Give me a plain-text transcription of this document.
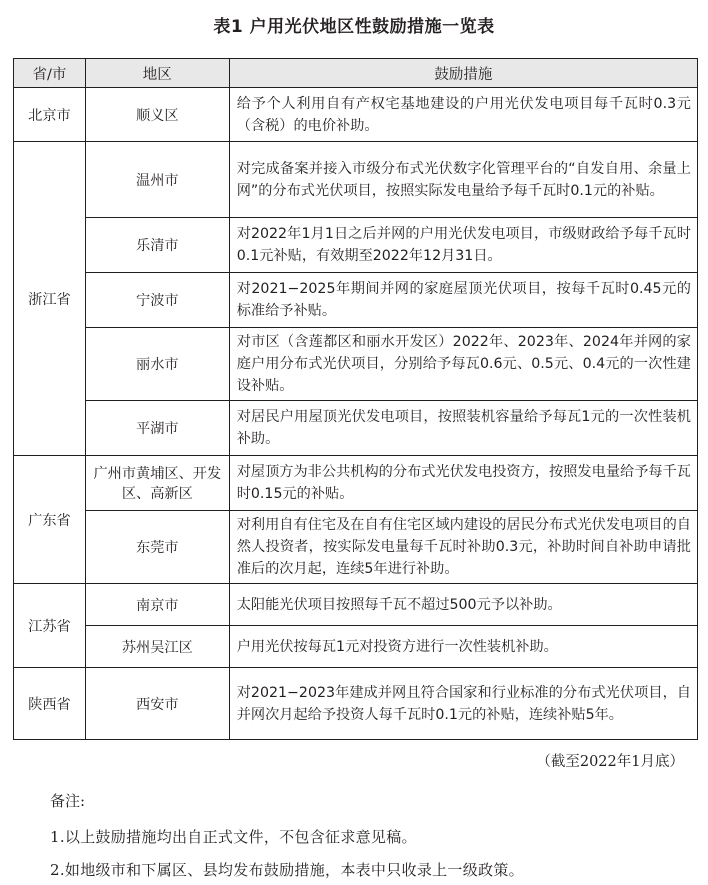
表1 户用光伏地区性鼓励措施一览表
省/市	地区	鼓励措施
北京市	顺义区	给予个人利用自有产权宅基地建设的户用光伏发电项目每千瓦时0.3元（含税）的电价补助。
浙江省	温州市	对完成备案并接入市级分布式光伏数字化管理平台的“自发自用、余量上网”的分布式光伏项目，按照实际发电量给予每千瓦时0.1元的补贴。
	乐清市	对2022年1月1日之后并网的户用光伏发电项目，市级财政给予每千瓦时0.1元补贴，有效期至2022年12月31日。
	宁波市	对2021−2025年期间并网的家庭屋顶光伏项目，按每千瓦时0.45元的标准给予补贴。
	丽水市	对市区（含莲都区和丽水开发区）2022年、2023年、2024年并网的家庭户用分布式光伏项目，分别给予每瓦0.6元、0.5元、0.4元的一次性建设补贴。
	平湖市	对居民户用屋顶光伏发电项目，按照装机容量给予每瓦1元的一次性装机补助。
广东省	广州市黄埔区、开发区、高新区	对屋顶方为非公共机构的分布式光伏发电投资方，按照发电量给予每千瓦时0.15元的补贴。
	东莞市	对利用自有住宅及在自有住宅区域内建设的居民分布式光伏发电项目的自然人投资者，按实际发电量每千瓦时补助0.3元，补助时间自补助申请批准后的次月起，连续5年进行补助。
江苏省	南京市	太阳能光伏项目按照每千瓦不超过500元予以补助。
	苏州吴江区	户用光伏按每瓦1元对投资方进行一次性装机补助。
陕西省	西安市	对2021−2023年建成并网且符合国家和行业标准的分布式光伏项目，自并网次月起给予投资人每千瓦时0.1元的补贴，连续补贴5年。
（截至2022年1月底）
备注:
1.以上鼓励措施均出自正式文件，不包含征求意见稿。
2.如地级市和下属区、县均发布鼓励措施，本表中只收录上一级政策。
